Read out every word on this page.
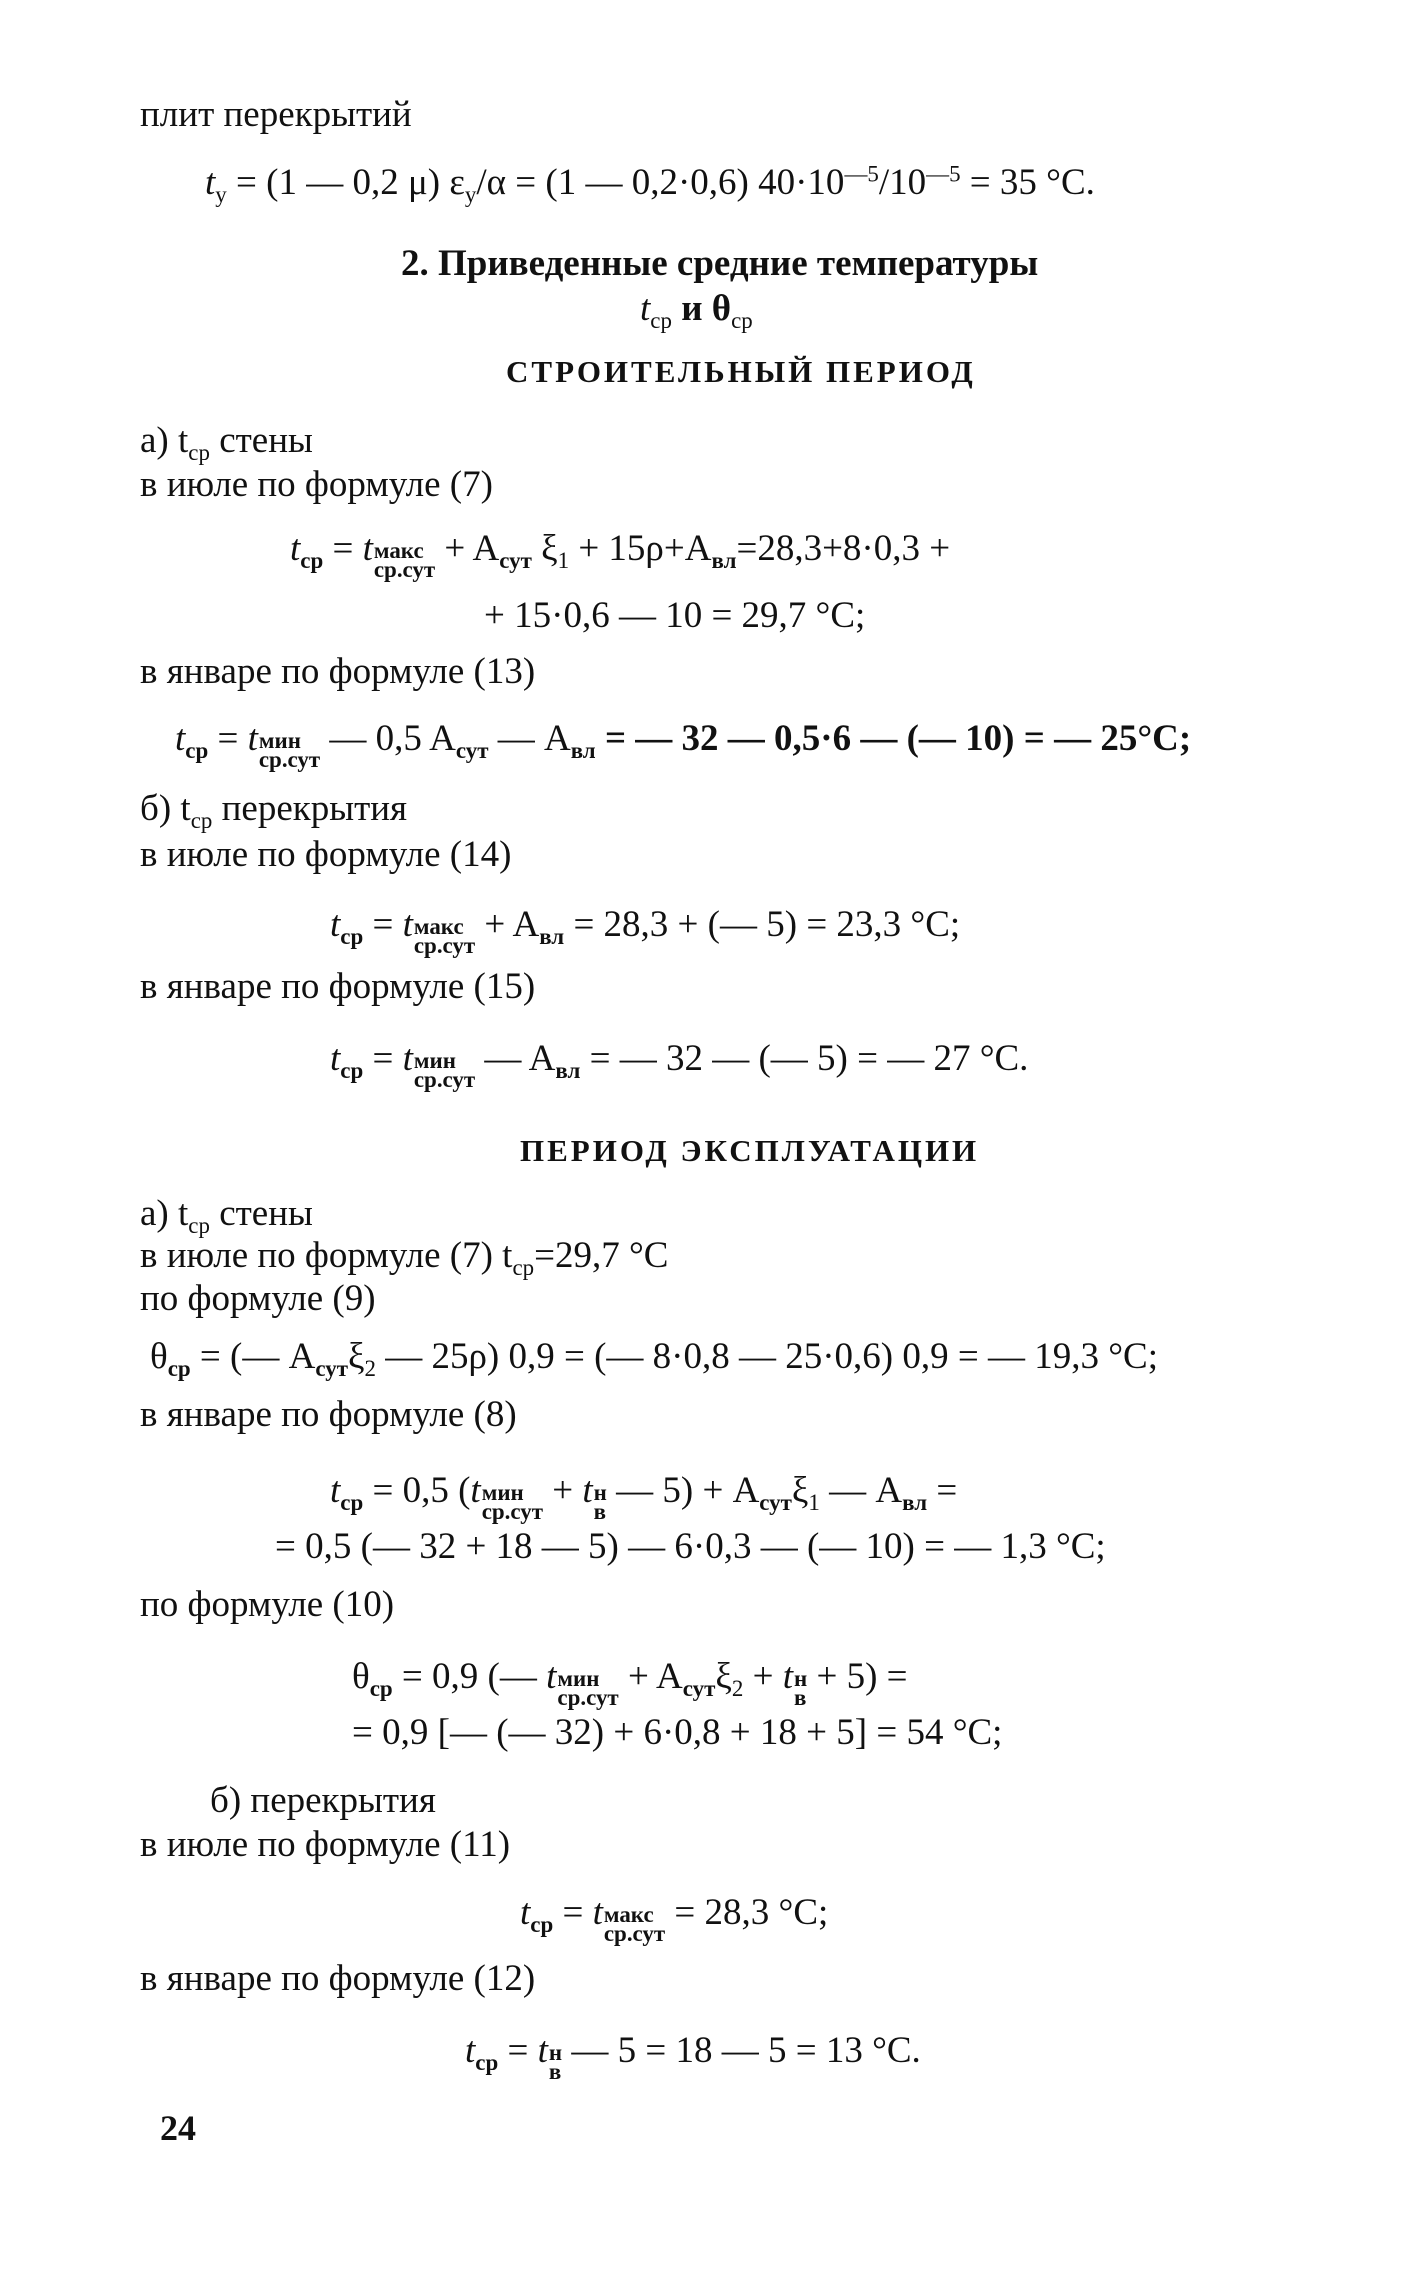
плит перекрытий
$t_у = (1$ — 0,2 μ) $\varepsilon_у/\alpha = (1$ — 0,2·0,6) $40\cdot 10^{—5}/10^{—5} = 35$ °С.
2. Приведенные средние температуры
$t_{ср}$ и $\theta_{ср}$
СТРОИТЕЛЬНЫЙ ПЕРИОД
а) $t_{ср}$ стены
в июле по формуле (7)
$t_{ср} = t$ макс
ср.сут
+ $A_{сут}$ $\xi_1 + 15\rho+A_{вл}=28,3+8\cdot 0,3$ +
+ 15·0,6 — 10 = 29,7 °С;
в январе по формуле (13)
$t_{ср} = t$ мин
ср.сут
— 0,5 $A_{сут}$ — $A_{вл}$ = — 32 — 0,5·6 — (— 10) = — 25°С;
б) $t_{ср}$ перекрытия
в июле по формуле (14)
$t_{ср} = t$ макс
ср.сут
+ $A_{вл} = 28,3$ + (— 5) = 23,3 °С;
в январе по формуле (15)
$t_{ср} = t$ мин
ср.сут
— $A_{вл}$ = — 32 — (— 5) = — 27 °С.
ПЕРИОД ЭКСПЛУАТАЦИИ
а) $t_{ср}$ стены
в июле по формуле (7) $t_{ср}=29,7$ °С
по формуле (9)
$\theta_{ср}$ = (— $A_{сут}\xi_2$ — 25ρ) 0,9 = (— 8·0,8 — 25·0,6) 0,9 = — 19,3 °С;
в январе по формуле (8)
$t_{ср} = 0,5$ (t мин
ср.сут
+ t н
в
— $5) + A_{сут}\xi_1$ — $A_{вл}$ =
= 0,5 (— 32 + 18 — 5) — 6·0,3 — (— 10) = — 1,3 °С;
по формуле (10)
$\theta_{ср} = 0,9$ (— t мин
ср.сут
+ $A_{сут}\xi_2 + t$ н
в
+ 5) =
= 0,9 [— (— 32) + 6·0,8 + 18 + 5] = 54 °С;
б) перекрытия
в июле по формуле (11)
$t_{ср} = t$ макс
ср.сут
= 28,3 °С;
в январе по формуле (12)
$t_{ср} = t$ н
в
— 5 = 18 — 5 = 13 °С.
24
